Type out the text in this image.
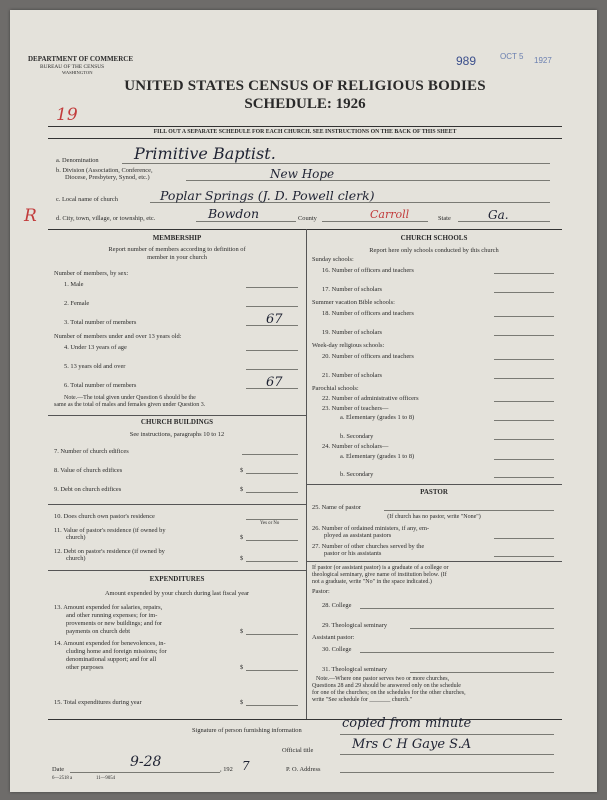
DEPARTMENT OF COMMERCE
BUREAU OF THE CENSUS
WASHINGTON
989	OCT 5 1927
UNITED STATES CENSUS OF RELIGIOUS BODIES
SCHEDULE: 1926
19
FILL OUT A SEPARATE SCHEDULE FOR EACH CHURCH. SEE INSTRUCTIONS ON THE BACK OF THIS SHEET
a. Denomination Primitive Baptist.
b. Division (Association, Conference,
Diocese, Presbytery, Synod, etc.)	New Hope
c. Local name of church	Poplar Springs (J. D. Powell clerk)
R	d. City, town, village, or township, etc.	Bowdon	County	Carroll	State	Ga.
MEMBERSHIP
Report number of members according to definition of
member in your church
Number of members, by sex:
1. Male
2. Female
3. Total number of members	67
Number of members under and over 13 years old:
4. Under 13 years of age
5. 13 years old and over
6. Total number of members	67
Note.—The total given under Question 6 should be the
same as the total of males and females given under Question 3.
CHURCH BUILDINGS
See instructions, paragraphs 10 to 12
7. Number of church edifices
8. Value of church edifices	$
9. Debt on church edifices	$
10. Does church own pastor's residence
Yes or No
11. Value of pastor's residence (if owned by
church)	$
12. Debt on pastor's residence (if owned by
church)	$
EXPENDITURES
Amount expended by your church during last fiscal year
13. Amount expended for salaries, repairs,
and other running expenses; for im-
provements or new buildings; and for
payments on church debt	$
14. Amount expended for benevolences, in-
cluding home and foreign missions; for
denominational support; and for all
other purposes	$
15. Total expenditures during year	$
CHURCH SCHOOLS
Report here only schools conducted by this church
Sunday schools:
16. Number of officers and teachers
17. Number of scholars
Summer vacation Bible schools:
18. Number of officers and teachers
19. Number of scholars
Week-day religious schools:
20. Number of officers and teachers
21. Number of scholars
Parochial schools:
22. Number of administrative officers
23. Number of teachers—
a. Elementary (grades 1 to 8)
b. Secondary
24. Number of scholars—
a. Elementary (grades 1 to 8)
b. Secondary
PASTOR
25. Name of pastor
(If church has no pastor, write "None")
26. Number of ordained ministers, if any, em-
ployed as assistant pastors
27. Number of other churches served by the
pastor or his assistants
If pastor (or assistant pastor) is a graduate of a college or
theological seminary, give name of institution below. (If
not a graduate, write "No" in the space indicated.)
Pastor:
28. College
29. Theological seminary
Assistant pastor:
30. College
31. Theological seminary
Note.—Where one pastor serves two or more churches,
Questions 28 and 29 should be answered only on the schedule
for one of the churches; on the schedules for the other churches,
write "See schedule for _______ church."
Signature of person furnishing information	copied from minute
Official title	Mrs C H Gaye S.A
Date	9-28	, 192 7	P. O. Address
6—2518 a	11—9054
